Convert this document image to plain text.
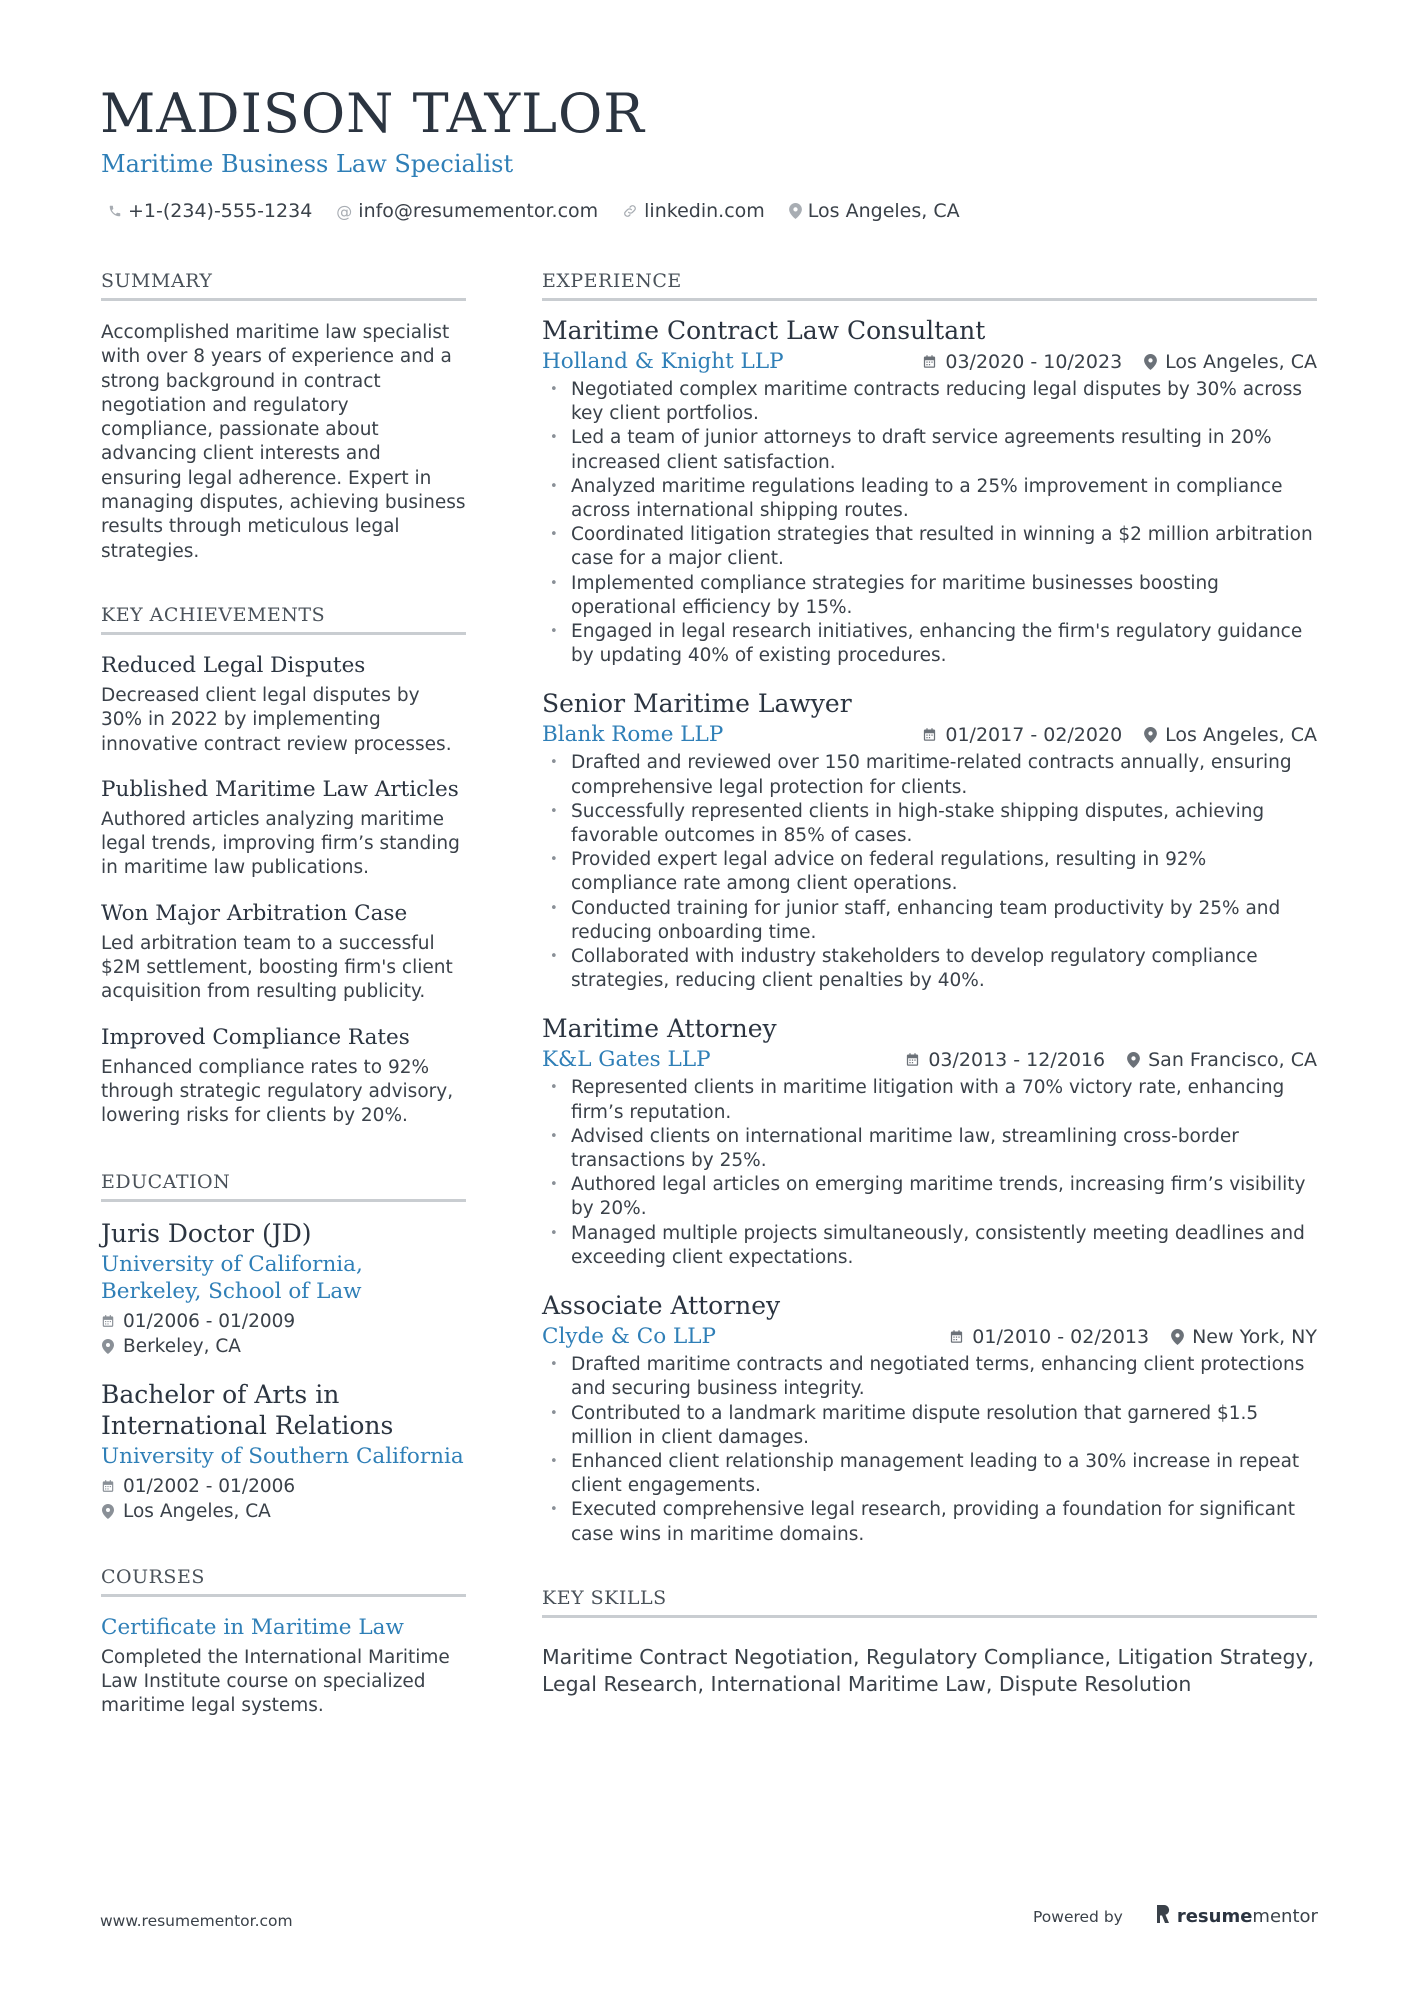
MADISON TAYLOR
Maritime Business Law Specialist
+1-(234)-555-1234 @ info@resumementor.com linkedin.com Los Angeles, CA
SUMMARY

Accomplished maritime law specialist with over 8 years of experience and a strong background in contract negotiation and regulatory compliance, passionate about advancing client interests and ensuring legal adherence. Expert in managing disputes, achieving business results through meticulous legal strategies.

KEY ACHIEVEMENTS
Reduced Legal Disputes

Decreased client legal disputes by 30% in 2022 by implementing innovative contract review processes.

Published Maritime Law Articles

Authored articles analyzing maritime legal trends, improving firm’s standing in maritime law publications.

Won Major Arbitration Case

Led arbitration team to a successful $2M settlement, boosting firm's client acquisition from resulting publicity.

Improved Compliance Rates

Enhanced compliance rates to 92% through strategic regulatory advisory, lowering risks for clients by 20%.

EDUCATION
Juris Doctor (JD)
University of California, Berkeley, School of Law
01/2006 - 01/2009
Berkeley, CA
Bachelor of Arts in International Relations
University of Southern California
01/2002 - 01/2006
Los Angeles, CA
COURSES
Certificate in Maritime Law

Completed the International Maritime Law Institute course on specialized maritime legal systems.

EXPERIENCE
Maritime Contract Law Consultant
Holland & Knight LLP	03/2020 - 10/2023 Los Angeles, CA
• Negotiated complex maritime contracts reducing legal disputes by 30% across key client portfolios.
• Led a team of junior attorneys to draft service agreements resulting in 20% increased client satisfaction.
• Analyzed maritime regulations leading to a 25% improvement in compliance across international shipping routes.
• Coordinated litigation strategies that resulted in winning a $2 million arbitration case for a major client.
• Implemented compliance strategies for maritime businesses boosting operational efficiency by 15%.
• Engaged in legal research initiatives, enhancing the firm's regulatory guidance by updating 40% of existing procedures.
Senior Maritime Lawyer
Blank Rome LLP	01/2017 - 02/2020 Los Angeles, CA
• Drafted and reviewed over 150 maritime-related contracts annually, ensuring comprehensive legal protection for clients.
• Successfully represented clients in high-stake shipping disputes, achieving favorable outcomes in 85% of cases.
• Provided expert legal advice on federal regulations, resulting in 92% compliance rate among client operations.
• Conducted training for junior staff, enhancing team productivity by 25% and reducing onboarding time.
• Collaborated with industry stakeholders to develop regulatory compliance strategies, reducing client penalties by 40%.
Maritime Attorney
K&L Gates LLP	03/2013 - 12/2016 San Francisco, CA
• Represented clients in maritime litigation with a 70% victory rate, enhancing firm’s reputation.
• Advised clients on international maritime law, streamlining cross-border transactions by 25%.
• Authored legal articles on emerging maritime trends, increasing firm’s visibility by 20%.
• Managed multiple projects simultaneously, consistently meeting deadlines and exceeding client expectations.
Associate Attorney
Clyde & Co LLP	01/2010 - 02/2013 New York, NY
• Drafted maritime contracts and negotiated terms, enhancing client protections and securing business integrity.
• Contributed to a landmark maritime dispute resolution that garnered $1.5 million in client damages.
• Enhanced client relationship management leading to a 30% increase in repeat client engagements.
• Executed comprehensive legal research, providing a foundation for significant case wins in maritime domains.
KEY SKILLS

Maritime Contract Negotiation, Regulatory Compliance, Litigation Strategy, Legal Research, International Maritime Law, Dispute Resolution

www.resumementor.com	Powered by	resumementor
